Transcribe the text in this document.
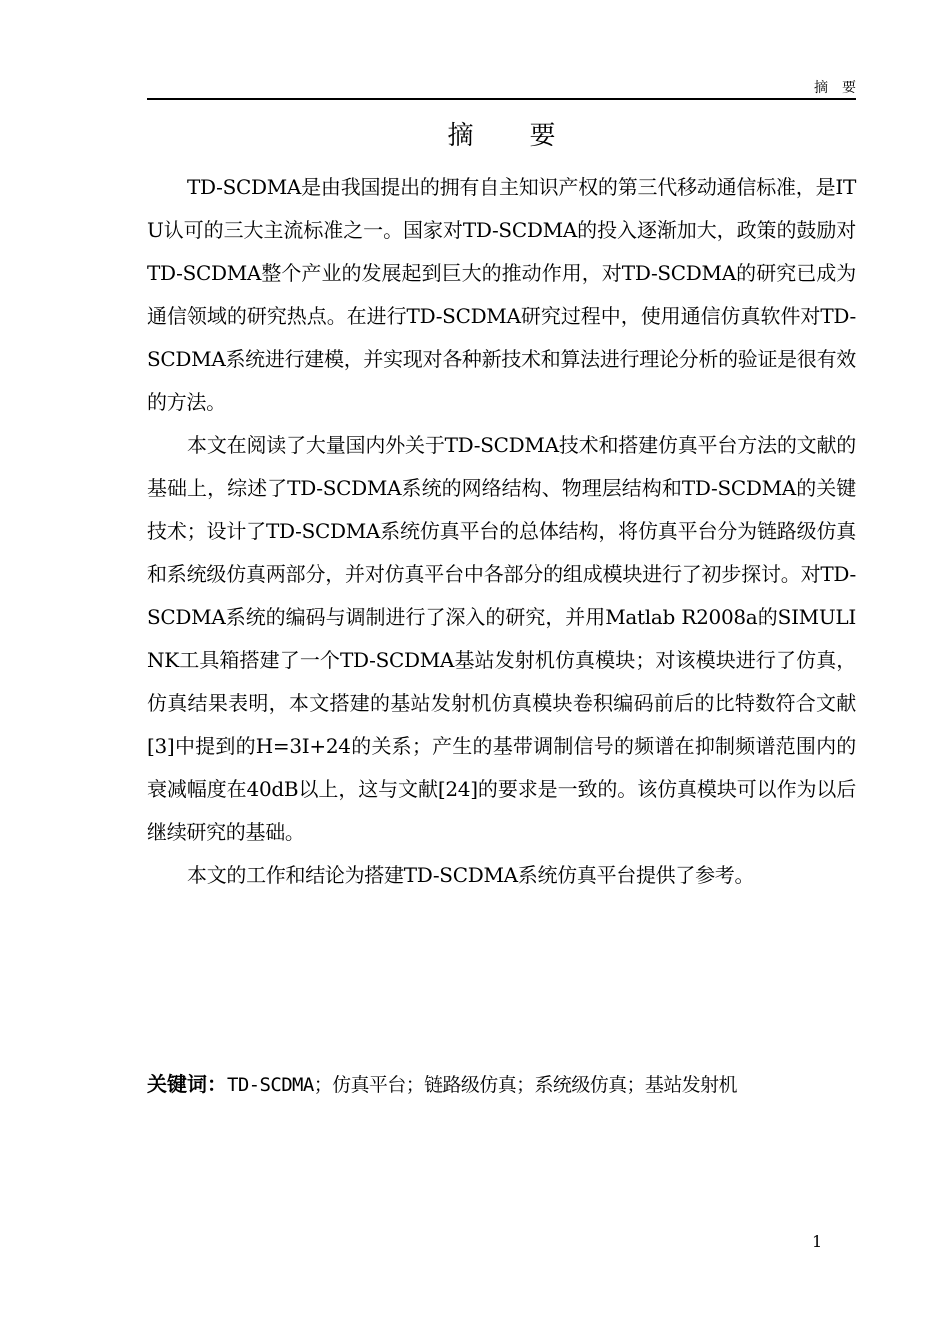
摘要
摘要

TD-SCDMA是由我国提出的拥有自主知识产权的第三代移动通信标准，是ITU认可的三大主流标准之一。国家对TD-SCDMA的投入逐渐加大，政策的鼓励对TD-SCDMA整个产业的发展起到巨大的推动作用，对TD-SCDMA的研究已成为通信领域的研究热点。在进行TD-SCDMA研究过程中，使用通信仿真软件对TD-SCDMA系统进行建模，并实现对各种新技术和算法进行理论分析的验证是很有效的方法。

本文在阅读了大量国内外关于TD-SCDMA技术和搭建仿真平台方法的文献的基础上，综述了TD-SCDMA系统的网络结构、物理层结构和TD-SCDMA的关键技术；设计了TD-SCDMA系统仿真平台的总体结构，将仿真平台分为链路级仿真和系统级仿真两部分，并对仿真平台中各部分的组成模块进行了初步探讨。对TD-SCDMA系统的编码与调制进行了深入的研究，并用Matlab R2008a的SIMULINK工具箱搭建了一个TD-SCDMA基站发射机仿真模块；对该模块进行了仿真，仿真结果表明，本文搭建的基站发射机仿真模块卷积编码前后的比特数符合文献[3]中提到的H=3I+24的关系；产生的基带调制信号的频谱在抑制频谱范围内的衰减幅度在40dB以上，这与文献[24]的要求是一致的。该仿真模块可以作为以后继续研究的基础。

本文的工作和结论为搭建TD-SCDMA系统仿真平台提供了参考。

关键词：TD-SCDMA；仿真平台；链路级仿真；系统级仿真；基站发射机
1
